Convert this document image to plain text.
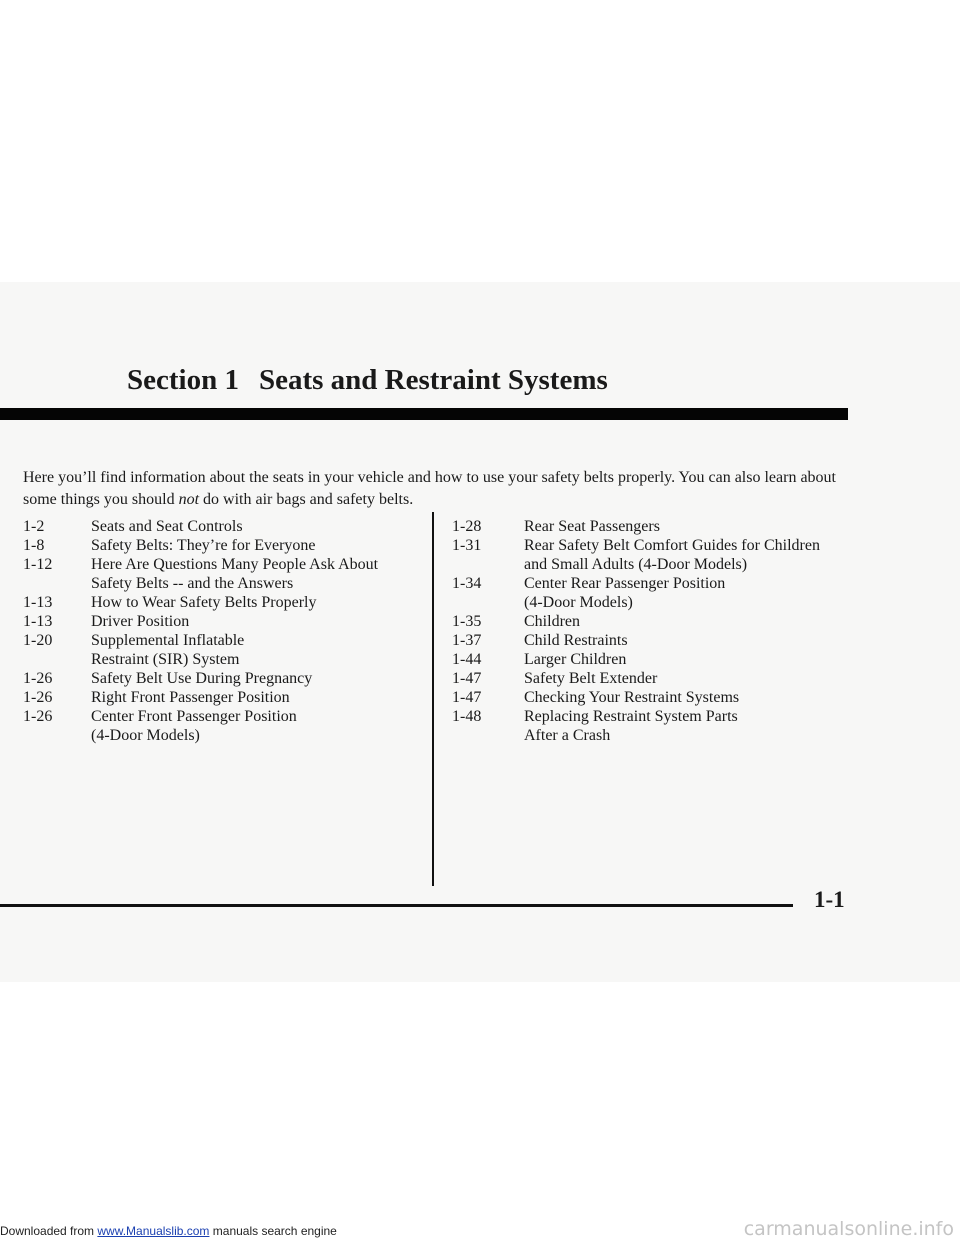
Section 1 Seats and Restraint Systems

Here you’ll find information about the seats in your vehicle and how to use your safety belts properly. You can also learn about some things you should not do with air bags and safety belts.

1-2	Seats and Seat Controls
1-8	Safety Belts: They’re for Everyone
1-12	Here Are Questions Many People Ask About
Safety Belts -- and the Answers
1-13	How to Wear Safety Belts Properly
1-13	Driver Position
1-20	Supplemental Inflatable
Restraint (SIR) System
1-26	Safety Belt Use During Pregnancy
1-26	Right Front Passenger Position
1-26	Center Front Passenger Position
(4-Door Models)
1-28	Rear Seat Passengers
1-31	Rear Safety Belt Comfort Guides for Children
and Small Adults (4-Door Models)
1-34	Center Rear Passenger Position
(4-Door Models)
1-35	Children
1-37	Child Restraints
1-44	Larger Children
1-47	Safety Belt Extender
1-47	Checking Your Restraint Systems
1-48	Replacing Restraint System Parts
After a Crash

1-1

Downloaded from www.Manualslib.com manuals search engine	carmanualsonline.info
